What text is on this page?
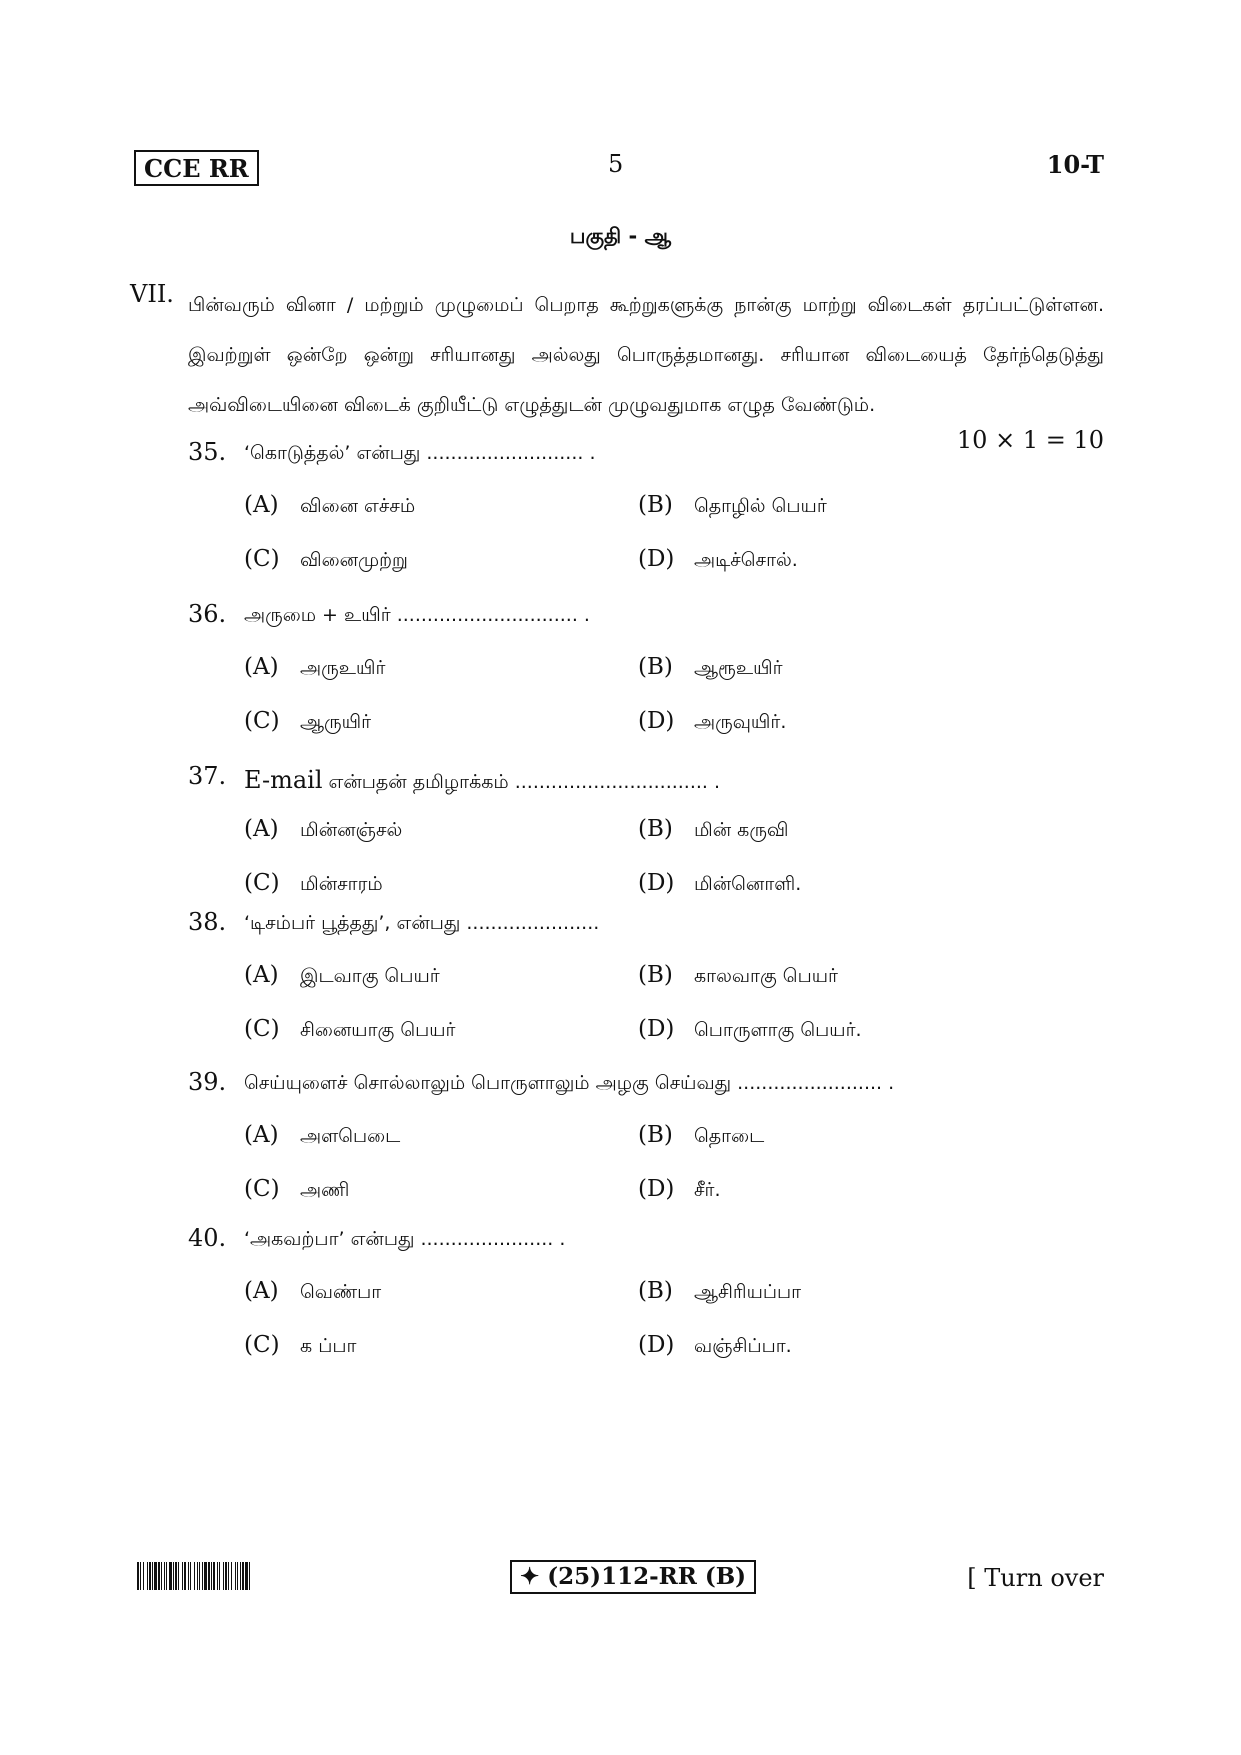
CCE RR	5	10-T
பகுதி - ஆ
VII. பின்வரும் வினா / மற்றும் முழுமைப் பெறாத கூற்றுகளுக்கு நான்கு மாற்று விடைகள் தரப்பட்டுள்ளன. இவற்றுள் ஒன்றே ஒன்று சரியானது அல்லது பொருத்தமானது. சரியான விடையைத் தேர்ந்தெடுத்து அவ்விடையினை விடைக் குறியீட்டு எழுத்துடன் முழுவதுமாக எழுத வேண்டும்.
10 × 1 = 10
35. ‘கொடுத்தல்’ என்பது .......................... .
(A) வினை எச்சம்	(B) தொழில் பெயர்
(C) வினைமுற்று	(D) அடிச்சொல்.
36. அருமை + உயிர் .............................. .
(A) அருஉயிர்	(B) ஆரூஉயிர்
(C) ஆருயிர்	(D) அருவுயிர்.
37. E-mail என்பதன் தமிழாக்கம் ................................ .
(A) மின்னஞ்சல்	(B) மின் கருவி
(C) மின்சாரம்	(D) மின்னொளி.
38. ‘டிசம்பர் பூத்தது’, என்பது ......................
(A) இடவாகு பெயர்	(B) காலவாகு பெயர்
(C) சினையாகு பெயர்	(D) பொருளாகு பெயர்.
39. செய்யுளைச் சொல்லாலும் பொருளாலும் அழகு செய்வது ........................ .
(A) அளபெடை	(B) தொடை
(C) அணி	(D) சீர்.
40. ‘அகவற்பா’ என்பது ...................... .
(A) வெண்பா	(B) ஆசிரியப்பா
(C) க ப்பா	(D) வஞ்சிப்பா.
✦ (25)112-RR (B)	[ Turn over
